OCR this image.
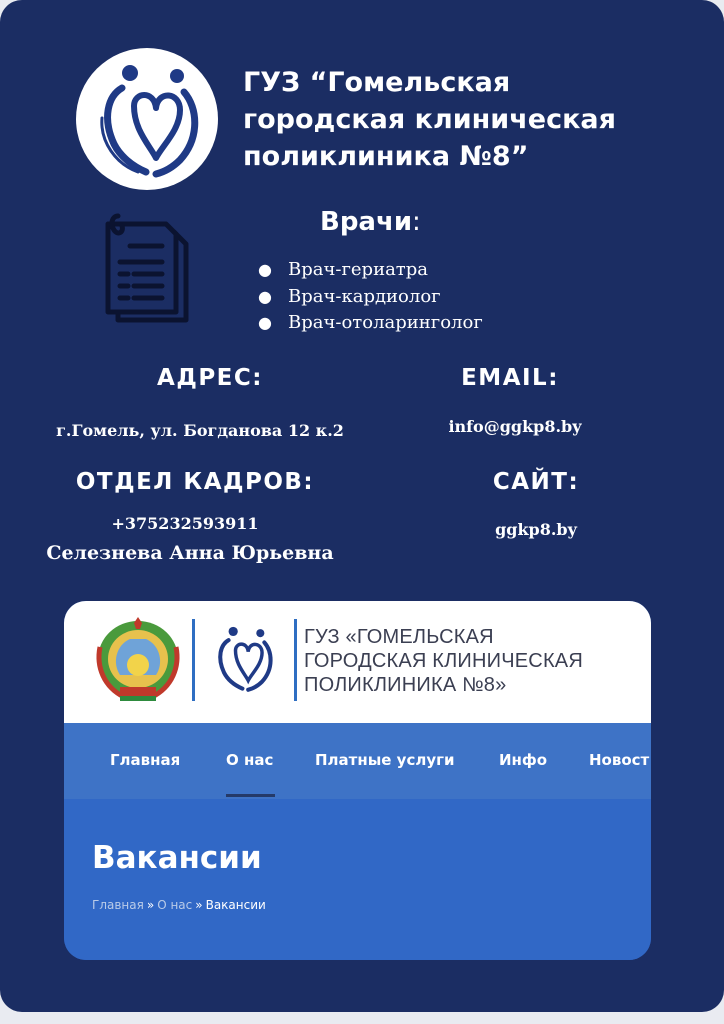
ГУЗ “Гомельская
городская клиническая
поликлиника №8”
Врачи:
● Врач-гериатра
● Врач-кардиолог
● Врач-отоларинголог

АДРЕС:

г.Гомель, ул. Богданова 12 к.2

EMAIL:

info@ggkp8.by

ОТДЕЛ КАДРОВ:

+375232593911

Селезнева Анна Юрьевна

САЙТ:

ggkp8.by

ГУЗ «ГОМЕЛЬСКАЯ
ГОРОДСКАЯ КЛИНИЧЕСКАЯ
ПОЛИКЛИНИКА №8»

Главная	О нас	Платные услуги	Инфо	Новост
Вакансии
Главная » О нас » Вакансии
